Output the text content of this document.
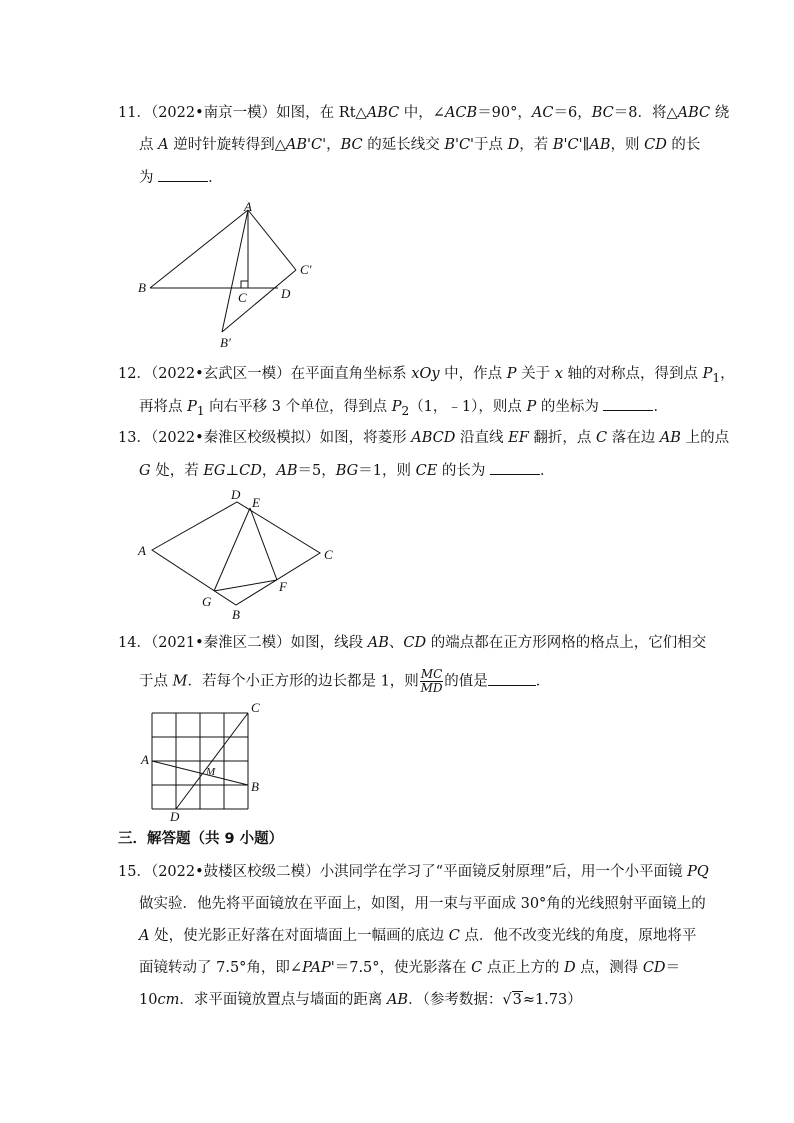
11．（2022•南京一模）如图，在 Rt△ABC 中，∠ACB＝90°，AC＝6，BC＝8．将△ABC 绕
点 A 逆时针旋转得到△AB'C'，BC 的延长线交 B'C'于点 D，若 B'C'∥AB，则 CD 的长
为	．
A
B
C	D
B′
C′
12．（2022•玄武区一模）在平面直角坐标系 xOy 中，作点 P 关于 x 轴的对称点，得到点 $P_1$，
再将点 $P_1$ 向右平移 3 个单位，得到点 $P_2(1$，﹣1），则点 P 的坐标为	．
13．（2022•秦淮区校级模拟）如图，将菱形 ABCD 沿直线 EF 翻折，点 C 落在边 AB 上的点
G 处，若 EG⊥CD，AB＝5，BG＝1，则 CE 的长为	．
A
B
C
D
E
F
G
14．（2021•秦淮区二模）如图，线段 AB、CD 的端点都在正方形网格的格点上，它们相交
于点 M．若每个小正方形的边长都是 1，则 $\frac{MC}{MD}$ 的值是	．
A
B
C
D
M
三．解答题（共 9 小题）
15．（2022•鼓楼区校级二模）小淇同学在学习了“平面镜反射原理”后，用一个小平面镜 PQ
做实验．他先将平面镜放在平面上，如图，用一束与平面成 30°角的光线照射平面镜上的
A 处，使光影正好落在对面墙面上一幅画的底边 C 点．他不改变光线的角度，原地将平
面镜转动了 7.5°角，即∠PAP'＝7.5°，使光影落在 C 点正上方的 D 点，测得 CD＝
10cm．求平面镜放置点与墙面的距离 AB．（参考数据：√3≈1.73）
